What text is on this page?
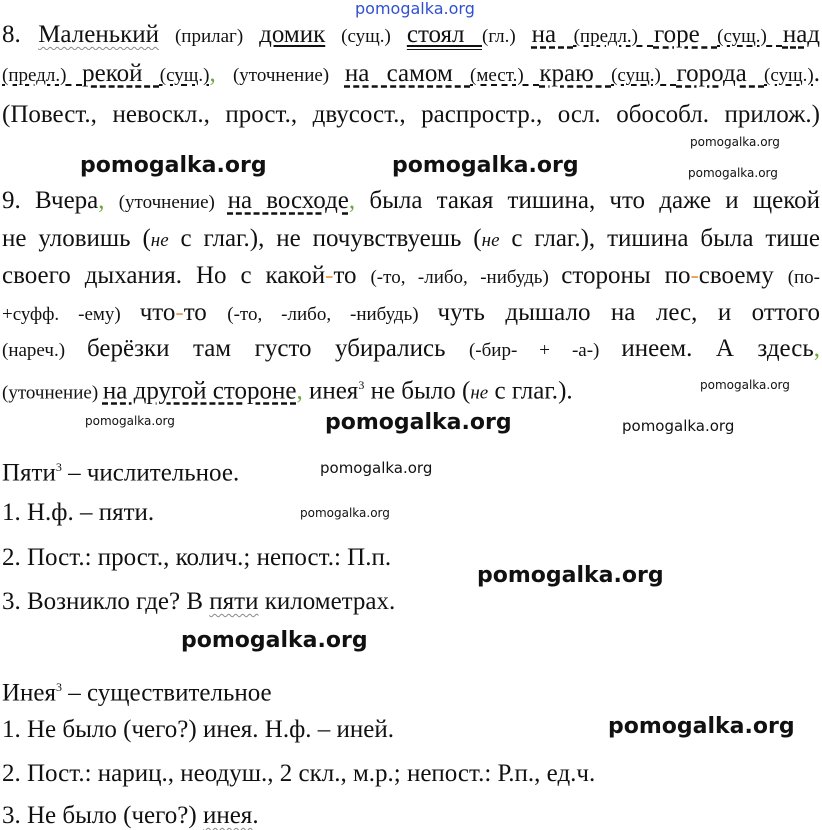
pomogalka.org
8. Маленький (прилаг) домик (сущ.) стоял (гл.) на (предл.) горе (сущ.) над
(предл.) рекой (сущ.), (уточнение) на самом (мест.) краю (сущ.) города (сущ.).
(Повест., невоскл., прост., двусост., распростр., осл. обособл. прилож.)
9. Вчера, (уточнение) на восходе, была такая тишина, что даже и щекой
не уловишь (не с глаг.), не почувствуешь (не с глаг.), тишина была тише
своего дыхания. Но с какой-то (-то, -либо, -нибудь) стороны по-своему (по-
+суфф. -ему) что-то (-то, -либо, -нибудь) чуть дышало на лес, и оттого
(нареч.) берёзки там густо убирались (-бир- + -а-) инеем. А здесь,
(уточнение) на другой стороне, инея$^3$ не было (не с глаг.).
Пяти$^3$ – числительное.
1. Н.ф. – пяти.
2. Пост.: прост., колич.; непост.: П.п.
3. Возникло где? В пяти километрах.
Инея$^3$ – существительное
1. Не было (чего?) инея. Н.ф. – иней.
2. Пост.: нариц., неодуш., 2 скл., м.р.; непост.: Р.п., ед.ч.
3. Не было (чего?) инея.
pomogalka.org
pomogalka.org	pomogalka.org	pomogalka.org
pomogalka.org
pomogalka.org	pomogalka.org
pomogalka.org
pomogalka.org
pomogalka.org
pomogalka.org
pomogalka.org
pomogalka.org
